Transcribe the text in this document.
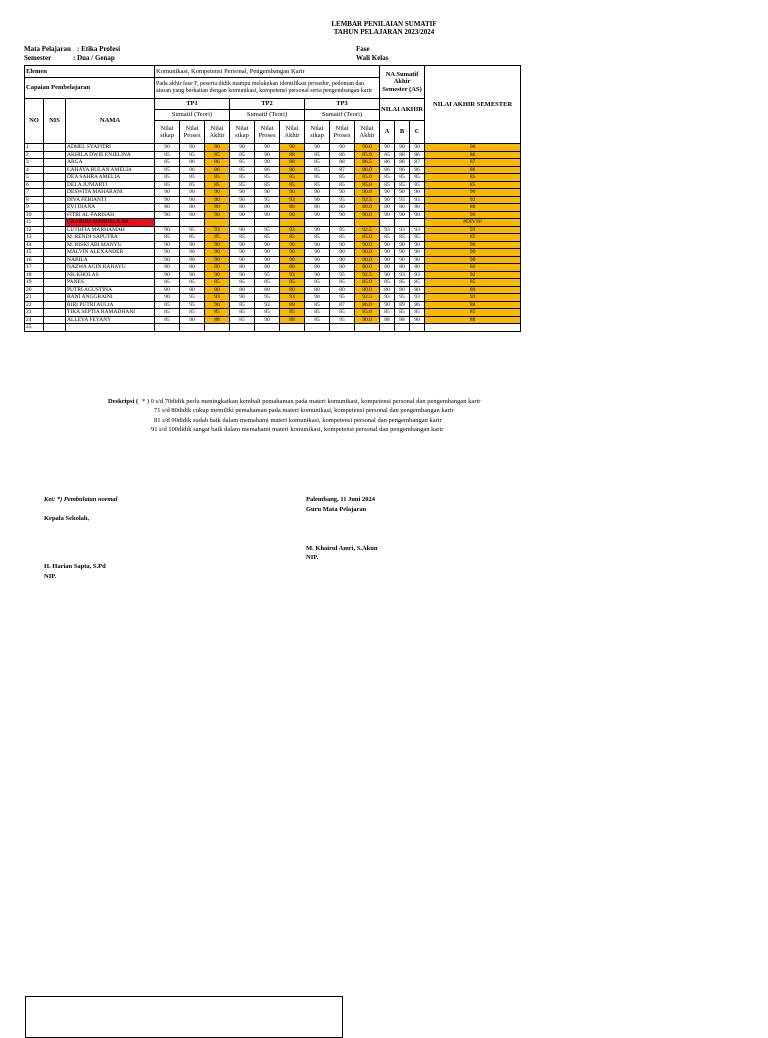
LEMBAR PENILAIAN SUMATIF
TAHUN PELAJARAN 2023/2024
Mata Pelajaran : Etika Profesi
Semester	: Dua / Genap
Fase
Wali Kelas
Elemen			Komunikasi, Kompetensi Personal, Pengembangan Karir									NA Sumatif Akhir Semester (AS)			NILAI AKHIR SEMESTER
Capaian Pembelajaran			Pada akhir fase F, peserta didik mampu melakukan identifikasi prosedur, pedoman dan aturan yang berkaitan dengan komunikasi, kompetensi personal serta pengembangan karir												
NO	NIS	NAMA	TP1			TP2			TP3			NILAI AKHIR			
			Sumatif (Teori)			Sumatif (Teori)			Sumatif (Teori)						
			Nilai sikap	Nilai Proses	Nilai Akhir	Nilai sikap	Nilai Proses	Nilai Akhir	Nilai sikap	Nilai Proses	Nilai Akhir	A	B	C	
1		ADHEL SYAFITRI	90	90	90	90	90	90	90	90	90.0	90	90	90	90
2		AKHILA DWIE ENJELINA	85	85	85	85	90	88	85	86	85.9	85	88	86	86
3		ARGA	85	86	86	85	90	88	85	88	86.5	86	88	87	87
4		CAHAYA BULAN AMELIA	85	86	86	85	86	86	85	87	86.0	86	86	86	86
5		DEA SAHRA AMELIA	85	85	85	85	85	85	85	85	85.0	85	85	85	85
6		DELA JUNIARTI	85	85	85	85	85	85	85	85	85.0	85	85	85	85
7		DESWITA MAHARANI	90	90	90	90	90	90	90	90	90.0	90	90	90	90
8		DIVA FEBIANTI	90	90	90	90	95	93	90	95	92.5	90	93	93	92
9		EVI DIANA	80	80	80	80	80	80	80	80	80.0	80	80	80	80
10		FITRI AL-FARISAH	90	90	90	90	90	90	90	90	90.0	90	90	90	90
11		GRANDIS MANDELA AR													#DIV/0!
12		LUTHFIA MARHAMAH	90	95	93	90	95	93	90	95	92.5	93	93	93	93
13		M. RENDI SAPUTRA	85	85	85	85	85	85	85	85	85.0	85	85	85	85
14		M. RISKI ABI MANYU	90	90	90	90	90	90	90	90	90.0	90	90	90	90
15		MALVIN ALEXANDER	90	90	90	90	90	90	90	90	90.0	90	90	90	90
16		NABILA	90	90	90	90	90	90	90	90	90.0	90	90	90	90
17		NAZWA AGIN RAHAYU	80	80	80	80	80	80	80	80	80.0	80	80	80	80
18		NK.KHOLAS	90	90	90	90	95	93	90	95	92.5	90	93	93	92
19		PANES	85	85	85	85	85	85	85	85	85.0	85	85	85	85
20		PUTRI AGUSTINA	80	80	80	80	80	80	80	80	80.0	80	80	80	80
21		RANI ANGGRAINI	90	95	93	90	95	93	90	95	92.5	93	95	93	93
22		RIRI PUTRI AULIA	85	95	90	85	93	89	85	87	86.0	90	89	86	88
23		TIKA SEPTIA RAMADHANI	85	85	85	85	85	85	85	85	85.0	85	85	85	85
24		ALLEYA FEYANY	85	90	88	85	90	88	85	95	90.0	88	88	90	88
25															
Deskripsi ( * ) 0 s/d 70didik perlu meningkatkan kembali pemahaman pada materi komunikasi, kompetensi personal dan pengembangan karir
71 s/d 80didik cukup memiliki pemahaman pada materi komunikasi, kompetensi personal dan pengembangan karir
81 s/d 90didik sudah baik dalam memahami materi komunikasi, kompetensi personal dan pengembangan karir
91 s/d 100didik sangat baik dalam memahami materi komunikasi, kompetensi personal dan pengembangan karir
Ket: *) Pembulatan normal
Kepala Sekolah,
H. Harian Sapta, S.Pd
NIP.
Palembang, 11 Juni 2024
Guru Mata Pelajaran
M. Khairul Amri, S.Akun
NIP.
